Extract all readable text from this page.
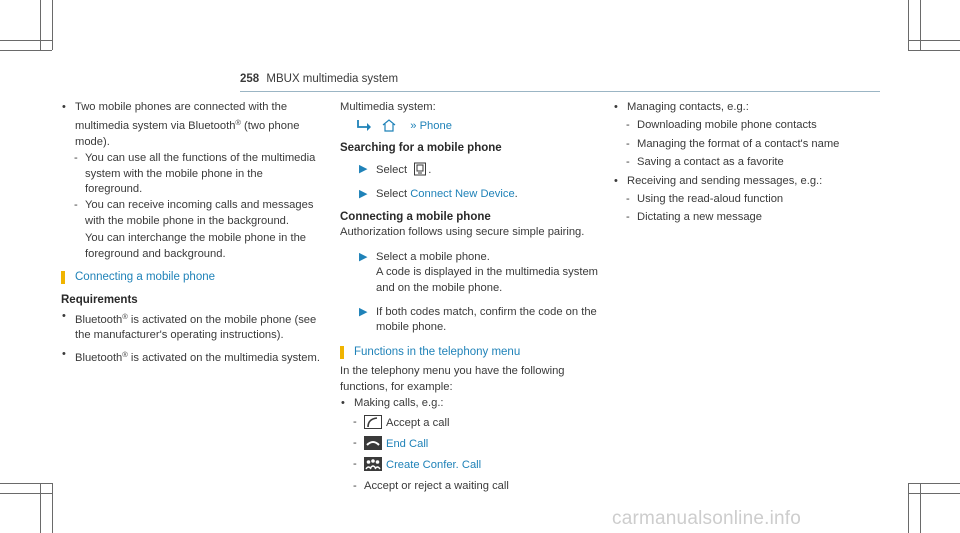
258 MBUX multimedia system

• Two mobile phones are connected with the multimedia system via Bluetooth® (two phone mode).

- You can use all the functions of the multimedia system with the mobile phone in the foreground.

- You can receive incoming calls and messages with the mobile phone in the background.

You can interchange the mobile phone in the foreground and background.

Connecting a mobile phone

Requirements

• Bluetooth® is activated on the mobile phone (see the manufacturer's operating instructions).

• Bluetooth® is activated on the multimedia system.

Multimedia system:

» Phone

Searching for a mobile phone

▶ Select .

▶ Select Connect New Device.

Connecting a mobile phone

Authorization follows using secure simple pairing.

▶ Select a mobile phone.
A code is displayed in the multimedia system and on the mobile phone.

▶ If both codes match, confirm the code on the mobile phone.

Functions in the telephony menu

In the telephony menu you have the following functions, for example:

• Making calls, e.g.:

-	Accept a call

-	End Call

-	Create Confer. Call

- Accept or reject a waiting call

• Managing contacts, e.g.:

- Downloading mobile phone contacts

- Managing the format of a contact's name

- Saving a contact as a favorite

• Receiving and sending messages, e.g.:

- Using the read-aloud function

- Dictating a new message

carmanualsonline.info
